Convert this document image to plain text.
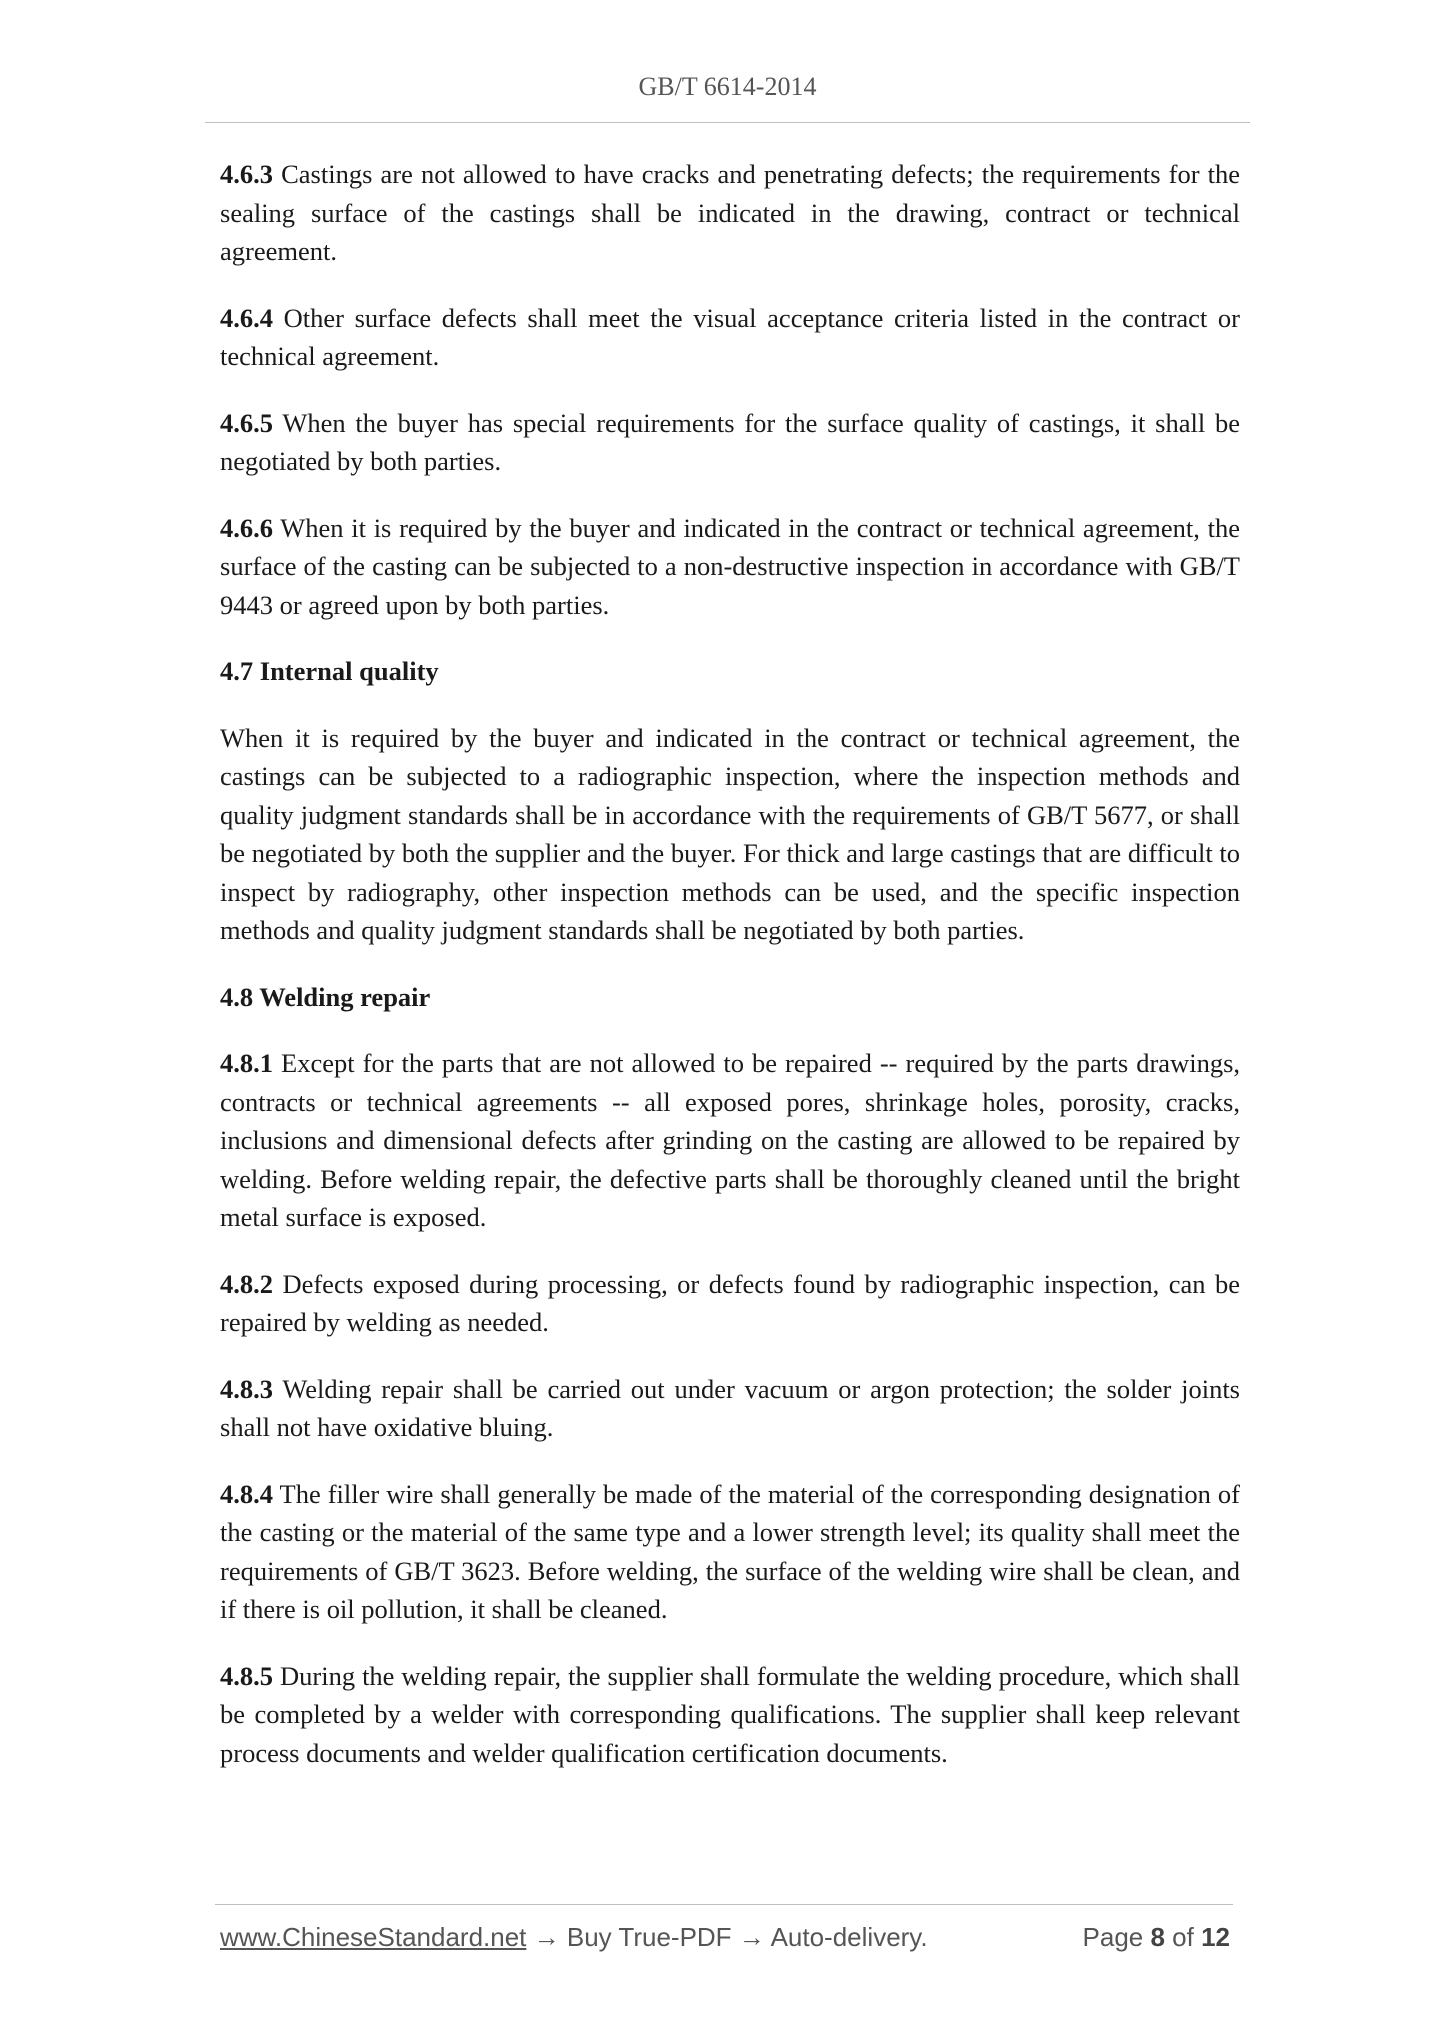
GB/T 6614-2014

4.6.3 Castings are not allowed to have cracks and penetrating defects; the requirements for the sealing surface of the castings shall be indicated in the drawing, contract or technical agreement.

4.6.4 Other surface defects shall meet the visual acceptance criteria listed in the contract or technical agreement.

4.6.5 When the buyer has special requirements for the surface quality of castings, it shall be negotiated by both parties.

4.6.6 When it is required by the buyer and indicated in the contract or technical agreement, the surface of the casting can be subjected to a non-destructive inspection in accordance with GB/T 9443 or agreed upon by both parties.

4.7 Internal quality

When it is required by the buyer and indicated in the contract or technical agreement, the castings can be subjected to a radiographic inspection, where the inspection methods and quality judgment standards shall be in accordance with the requirements of GB/T 5677, or shall be negotiated by both the supplier and the buyer. For thick and large castings that are difficult to inspect by radiography, other inspection methods can be used, and the specific inspection methods and quality judgment standards shall be negotiated by both parties.

4.8 Welding repair

4.8.1 Except for the parts that are not allowed to be repaired -- required by the parts drawings, contracts or technical agreements -- all exposed pores, shrinkage holes, porosity, cracks, inclusions and dimensional defects after grinding on the casting are allowed to be repaired by welding. Before welding repair, the defective parts shall be thoroughly cleaned until the bright metal surface is exposed.

4.8.2 Defects exposed during processing, or defects found by radiographic inspection, can be repaired by welding as needed.

4.8.3 Welding repair shall be carried out under vacuum or argon protection; the solder joints shall not have oxidative bluing.

4.8.4 The filler wire shall generally be made of the material of the corresponding designation of the casting or the material of the same type and a lower strength level; its quality shall meet the requirements of GB/T 3623. Before welding, the surface of the welding wire shall be clean, and if there is oil pollution, it shall be cleaned.

4.8.5 During the welding repair, the supplier shall formulate the welding procedure, which shall be completed by a welder with corresponding qualifications. The supplier shall keep relevant process documents and welder qualification certification documents.

www.ChineseStandard.net → Buy True-PDF → Auto-delivery.	Page 8 of 12
